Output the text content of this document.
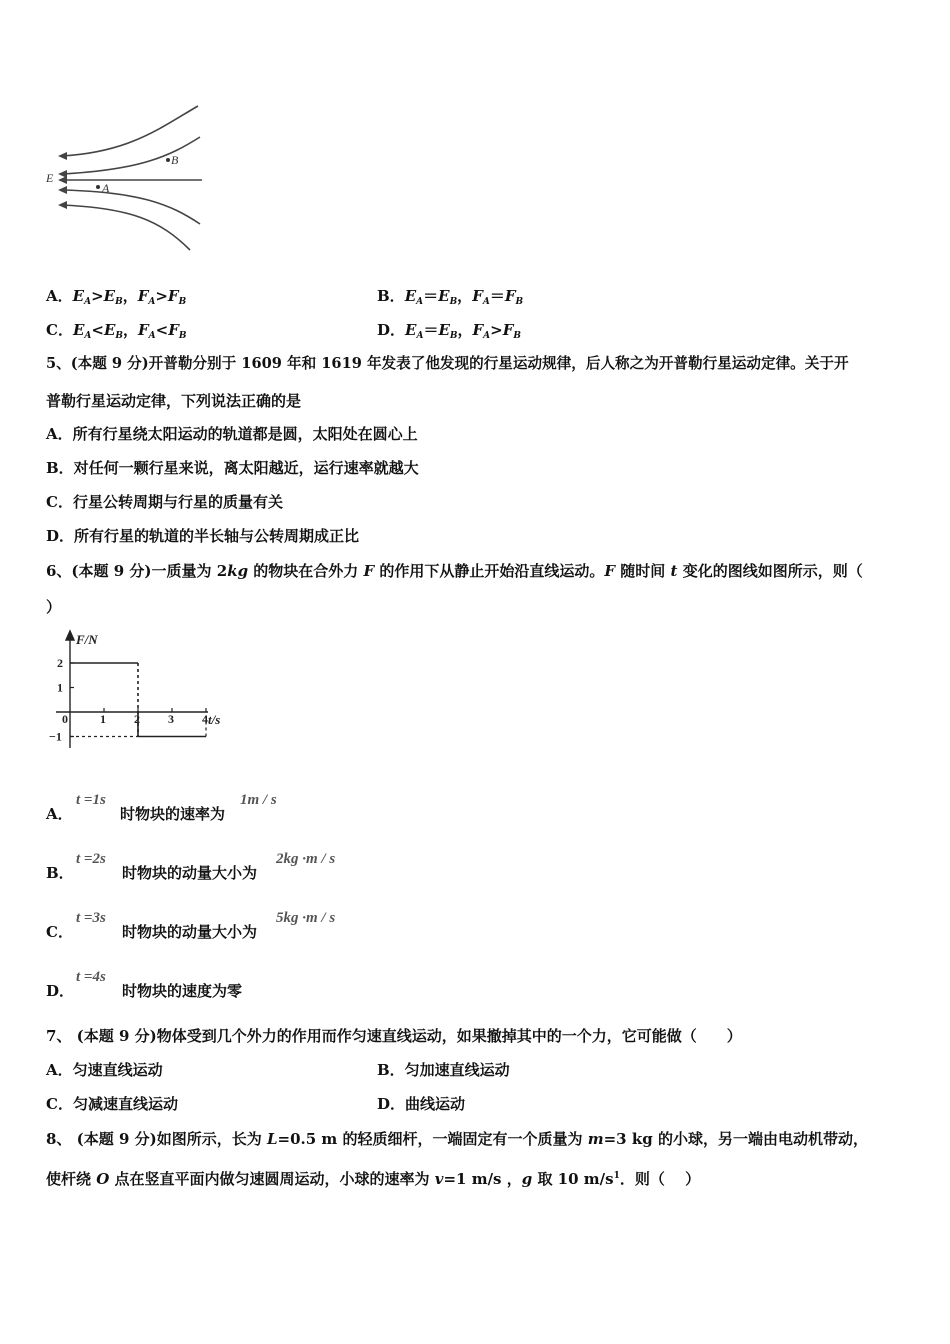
B
E
A
A．$E_A>E_B$，$F_A>F_B$	B．$E_A=E_B$，$F_A=F_B$
C．$E_A<E_B$，$F_A<F_B$	D．$E_A=E_B$，$F_A>F_B$
5、(本题 9 分)开普勒分别于 1609 年和 1619 年发表了他发现的行星运动规律，后人称之为开普勒行星运动定律。关于开
普勒行星运动定律，下列说法正确的是
A．所有行星绕太阳运动的轨道都是圆，太阳处在圆心上
B．对任何一颗行星来说，离太阳越近，运行速率就越大
C．行星公转周期与行星的质量有关
D．所有行星的轨道的半长轴与公转周期成正比
6、(本题 9 分)一质量为 2kg 的物块在合外力 F 的作用下从静止开始沿直线运动。F 随时间 t 变化的图线如图所示，则（
）
0	1 2 3 4
2
1
−1
F/N
t/s
A．
t =1s
时物块的速率为
1m / s
B．
t =2s
时物块的动量大小为
2kg ·m / s
C．
t =3s
时物块的动量大小为
5kg ·m / s
D．
t =4s
时物块的速度为零
7、 (本题 9 分)物体受到几个外力的作用而作匀速直线运动，如果撤掉其中的一个力，它可能做（　　）
A．匀速直线运动	B．匀加速直线运动
C．匀减速直线运动	D．曲线运动
8、 (本题 9 分)如图所示，长为 L=0.5 m 的轻质细杆，一端固定有一个质量为 m=3 kg 的小球，另一端由电动机带动，
使杆绕 O 点在竖直平面内做匀速圆周运动，小球的速率为 v=1 m/s ，g 取 10 $m/s^1$．则（　 ）
